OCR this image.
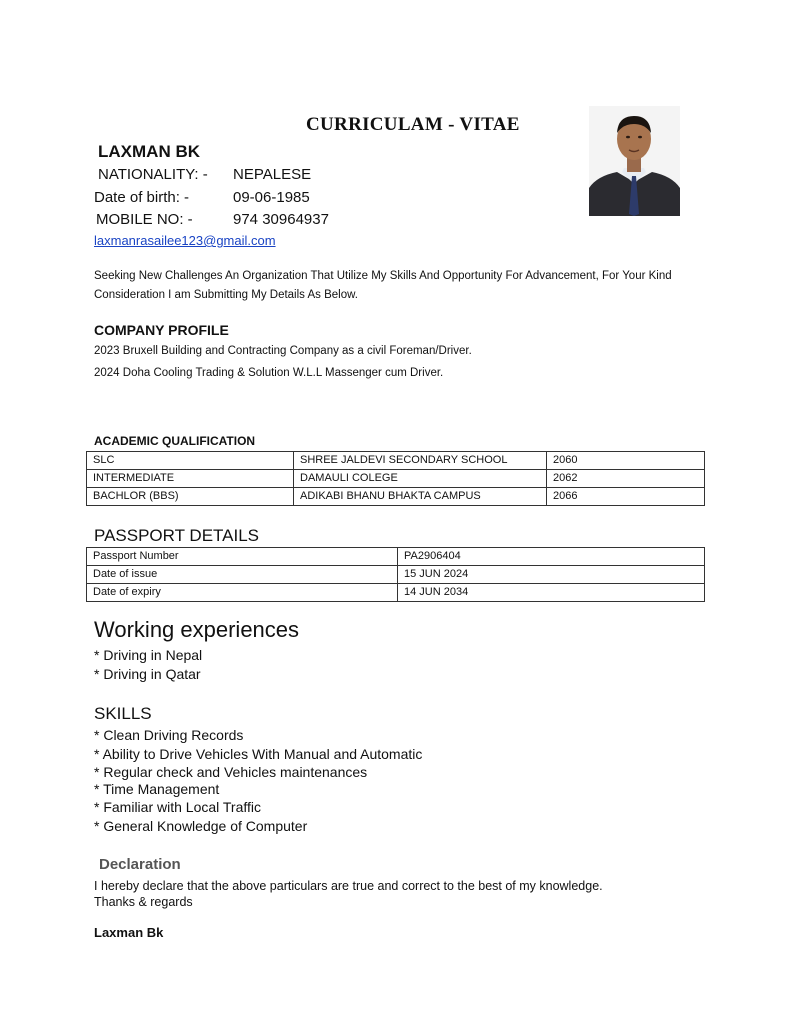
CURRICULAM - VITAE
LAXMAN BK
NATIONALITY: - NEPALESE
Date of birth: -	09-06-1985
MOBILE NO: -	974 30964937
laxmanrasailee123@gmail.com
Seeking New Challenges An Organization That Utilize My Skills And Opportunity For Advancement, For Your Kind Consideration I am Submitting My Details As Below.
COMPANY PROFILE
2023 Bruxell Building and Contracting Company as a civil Foreman/Driver.
2024 Doha Cooling Trading & Solution W.L.L Massenger cum Driver.
ACADEMIC QUALIFICATION
SLC	SHREE JALDEVI SECONDARY SCHOOL	2060
INTERMEDIATE	DAMAULI COLEGE	2062
BACHLOR (BBS)	ADIKABI BHANU BHAKTA CAMPUS	2066
PASSPORT DETAILS
Passport Number	PA2906404
Date of issue	15 JUN 2024
Date of expiry	14 JUN 2034
Working experiences
* Driving in Nepal
* Driving in Qatar
SKILLS
* Clean Driving Records
* Ability to Drive Vehicles With Manual and Automatic
* Regular check and Vehicles maintenances
* Time Management
* Familiar with Local Traffic
* General Knowledge of Computer
Declaration
I hereby declare that the above particulars are true and correct to the best of my knowledge.
Thanks & regards
Laxman Bk
